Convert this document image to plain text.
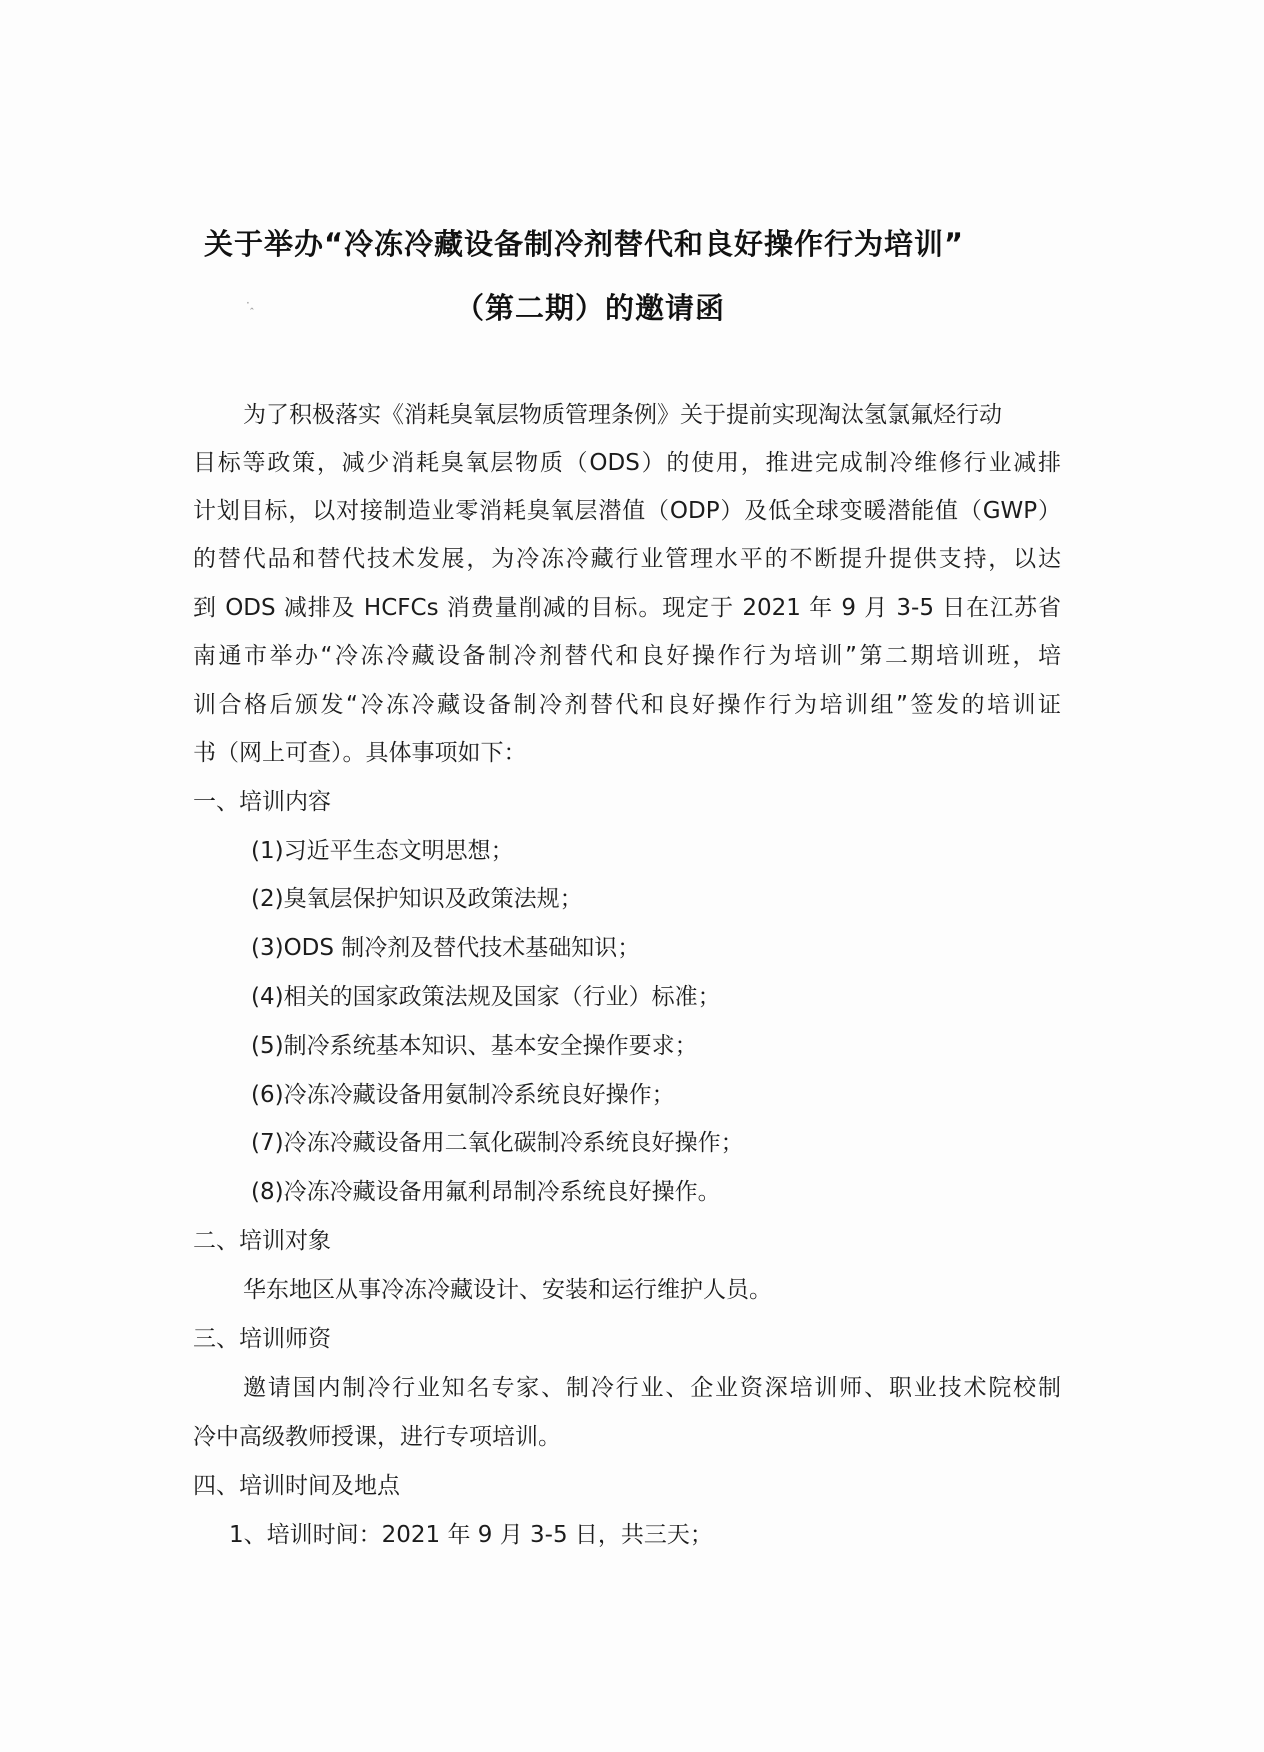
关于举办“冷冻冷藏设备制冷剂替代和良好操作行为培训”
·ꞈ	（第二期）的邀请函
为了积极落实《消耗臭氧层物质管理条例》关于提前实现淘汰氢氯氟烃行动
目标等政策，减少消耗臭氧层物质（ODS）的使用，推进完成制冷维修行业减排
计划目标，以对接制造业零消耗臭氧层潜值（ODP）及低全球变暖潜能值（GWP）
的替代品和替代技术发展，为冷冻冷藏行业管理水平的不断提升提供支持，以达
到 ODS 减排及 HCFCs 消费量削减的目标。现定于 2021 年 9 月 3-5 日在江苏省
南通市举办“冷冻冷藏设备制冷剂替代和良好操作行为培训”第二期培训班，培
训合格后颁发“冷冻冷藏设备制冷剂替代和良好操作行为培训组”签发的培训证
书（网上可查）。具体事项如下：
一、培训内容
(1)习近平生态文明思想；
(2)臭氧层保护知识及政策法规；
(3)ODS 制冷剂及替代技术基础知识；
(4)相关的国家政策法规及国家（行业）标准；
(5)制冷系统基本知识、基本安全操作要求；
(6)冷冻冷藏设备用氨制冷系统良好操作；
(7)冷冻冷藏设备用二氧化碳制冷系统良好操作；
(8)冷冻冷藏设备用氟利昂制冷系统良好操作。
二、培训对象
华东地区从事冷冻冷藏设计、安装和运行维护人员。
三、培训师资
邀请国内制冷行业知名专家、制冷行业、企业资深培训师、职业技术院校制
冷中高级教师授课，进行专项培训。
四、培训时间及地点
1、培训时间：2021 年 9 月 3-5 日，共三天；
